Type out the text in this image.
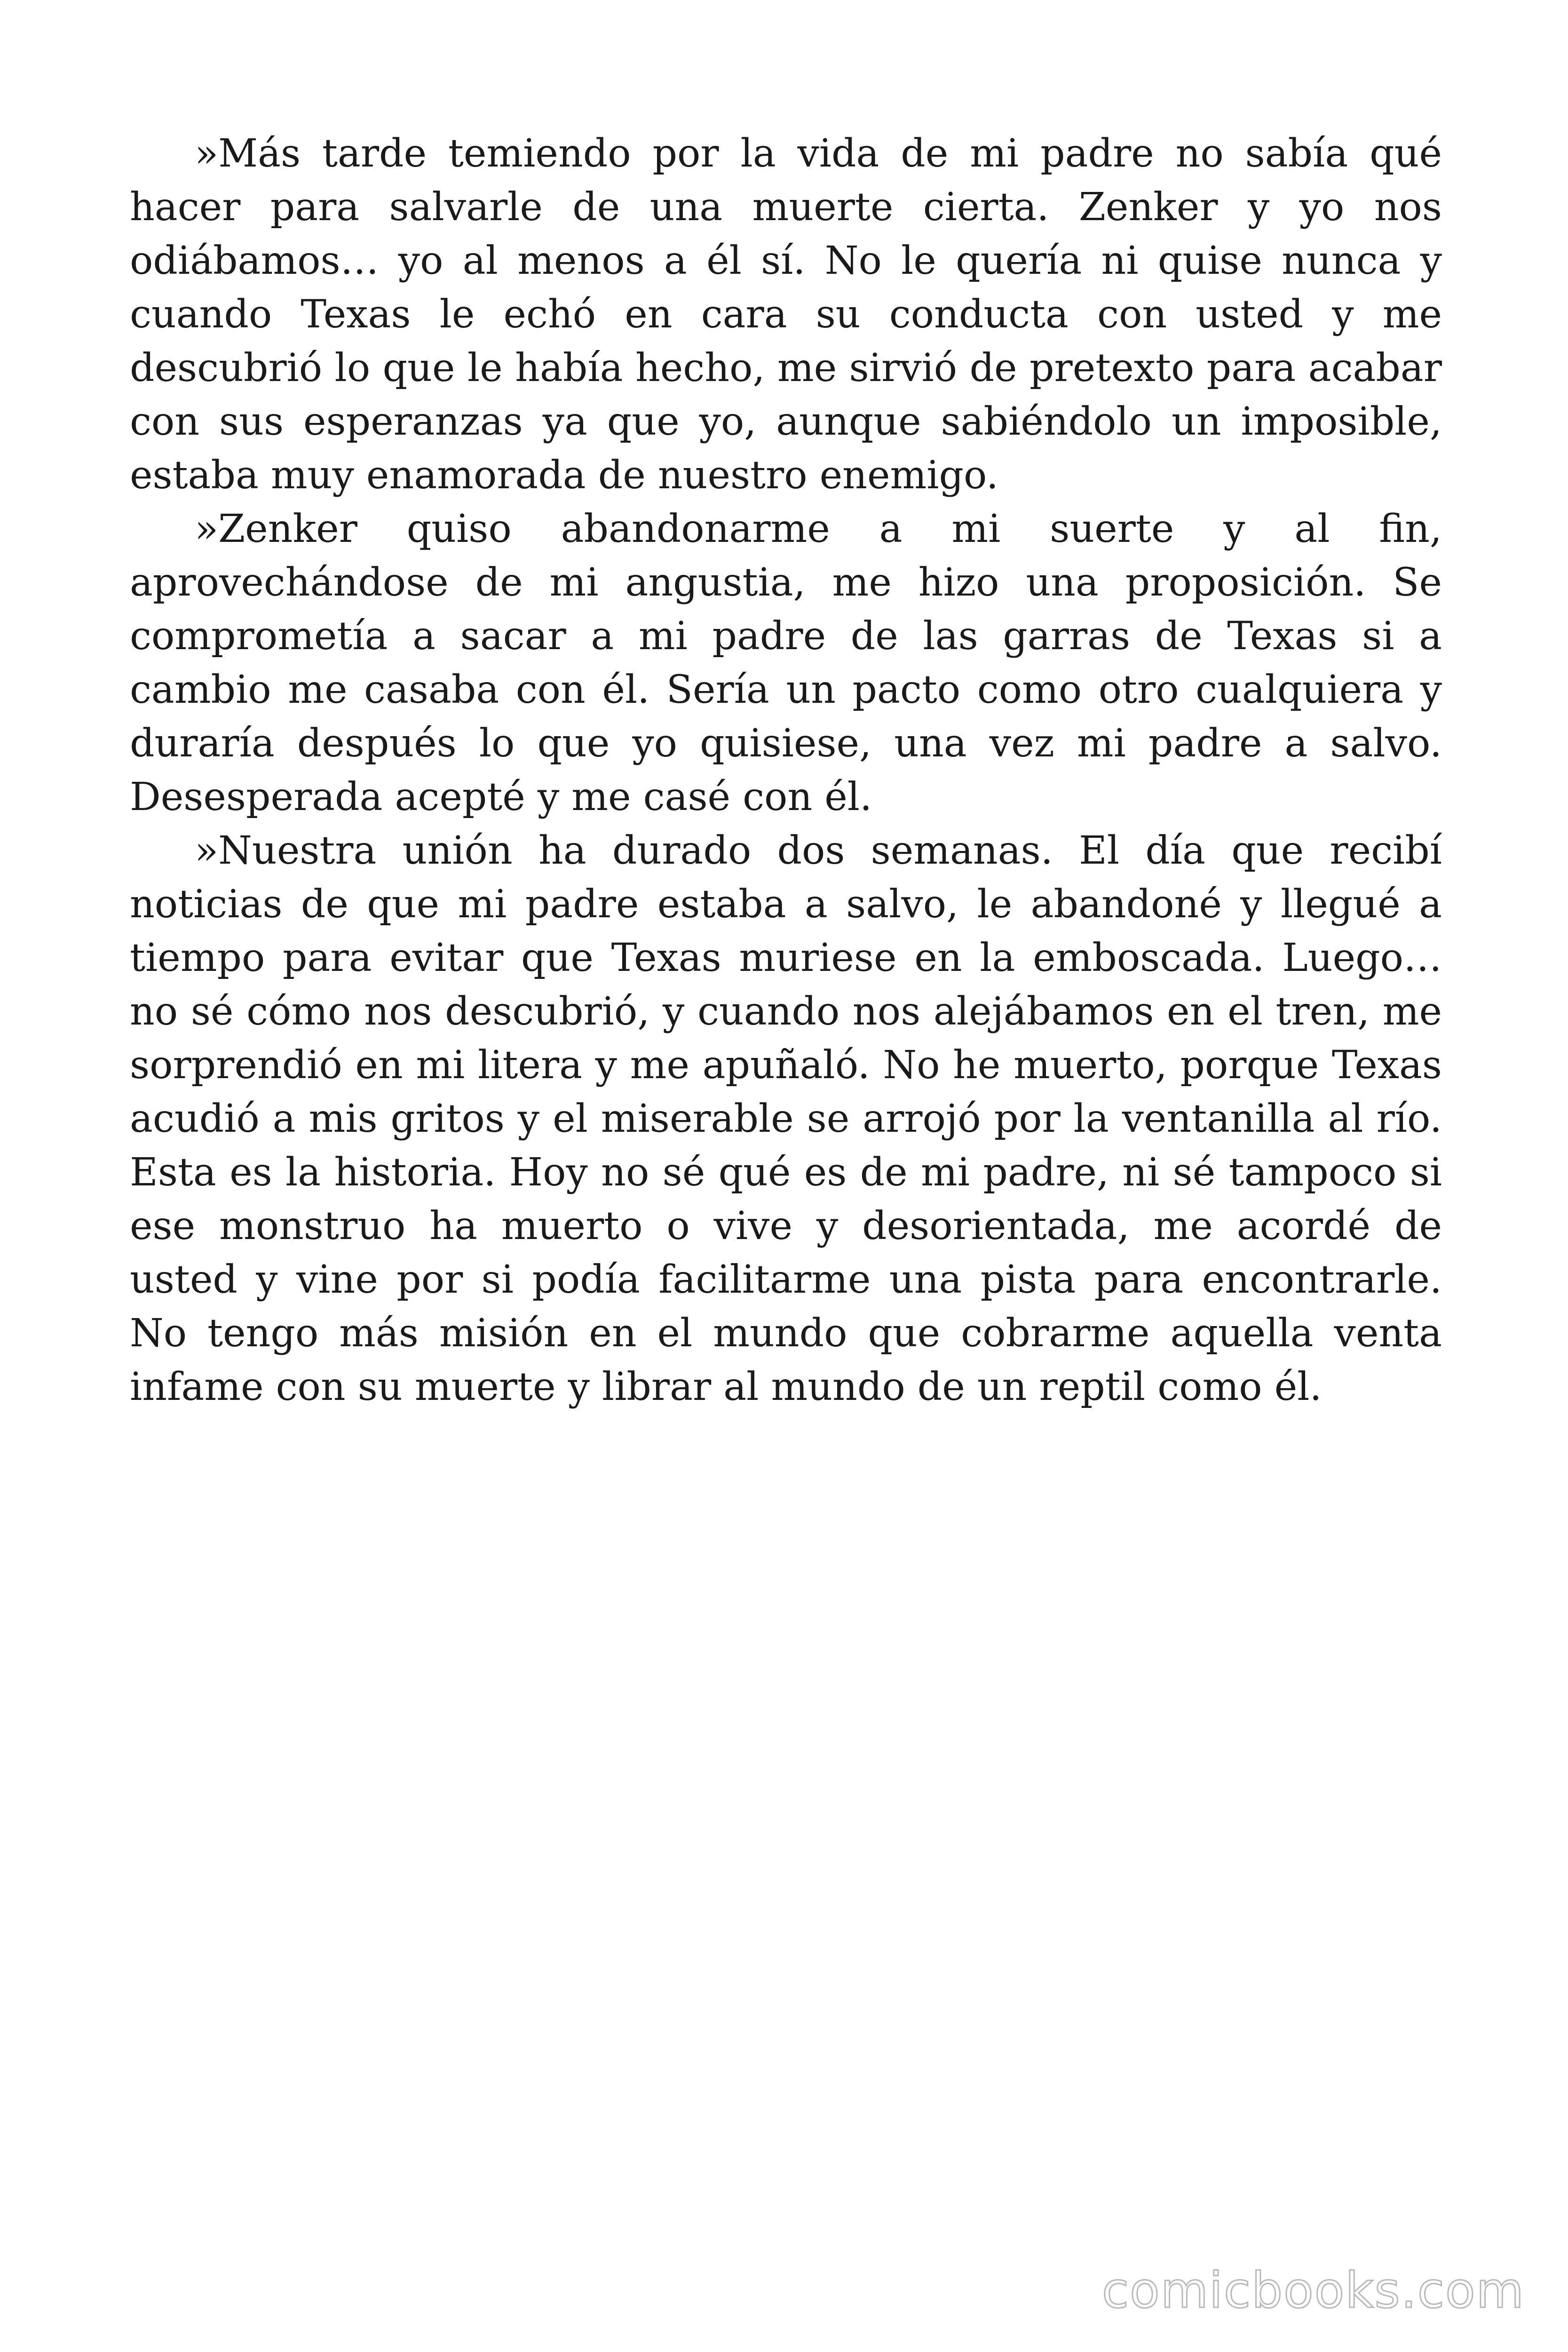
»Más tarde temiendo por la vida de mi padre no sabía qué hacer para salvarle de una muerte cierta. Zenker y yo nos odiábamos… yo al menos a él sí. No le quería ni quise nunca y cuando Texas le echó en cara su conducta con usted y me descubrió lo que le había hecho, me sirvió de pretexto para acabar con sus esperanzas ya que yo, aunque sabiéndolo un imposible, estaba muy enamorada de nuestro enemigo.

»Zenker quiso abandonarme a mi suerte y al fin, aprovechándose de mi angustia, me hizo una proposición. Se comprometía a sacar a mi padre de las garras de Texas si a cambio me casaba con él. Sería un pacto como otro cualquiera y duraría después lo que yo quisiese, una vez mi padre a salvo. Desesperada acepté y me casé con él.

»Nuestra unión ha durado dos semanas. El día que recibí noticias de que mi padre estaba a salvo, le abandoné y llegué a tiempo para evitar que Texas muriese en la emboscada. Luego… no sé cómo nos descubrió, y cuando nos alejábamos en el tren, me sorprendió en mi litera y me apuñaló. No he muerto, porque Texas acudió a mis gritos y el miserable se arrojó por la ventanilla al río. Esta es la historia. Hoy no sé qué es de mi padre, ni sé tampoco si ese monstruo ha muerto o vive y desorientada, me acordé de usted y vine por si podía facilitarme una pista para encontrarle. No tengo más misión en el mundo que cobrarme aquella venta infame con su muerte y librar al mundo de un reptil como él.

comicbooks.com
